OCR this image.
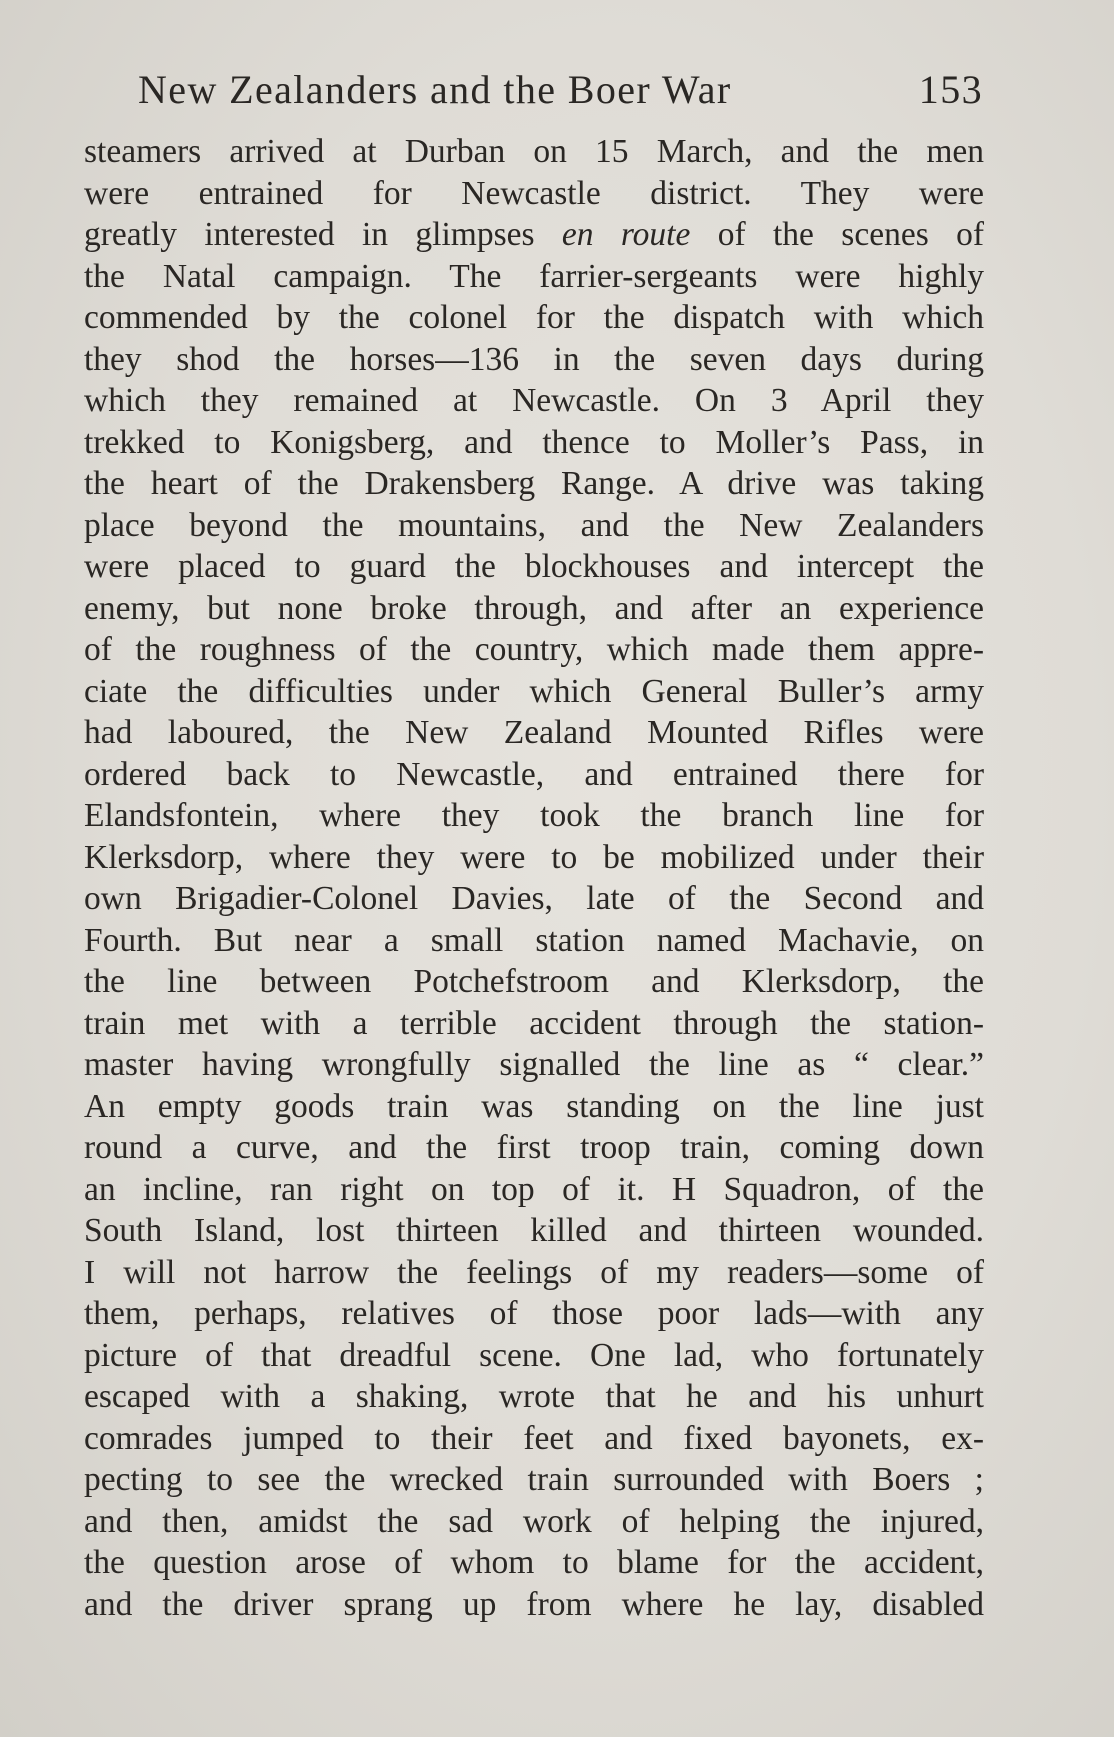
New Zealanders and the Boer War	153
steamers arrived at Durban on 15 March, and the men
were entrained for Newcastle district. They were
greatly interested in glimpses en route of the scenes of
the Natal campaign. The farrier-sergeants were highly
commended by the colonel for the dispatch with which
they shod the horses—136 in the seven days during
which they remained at Newcastle. On 3 April they
trekked to Konigsberg, and thence to Moller’s Pass, in
the heart of the Drakensberg Range. A drive was taking
place beyond the mountains, and the New Zealanders
were placed to guard the blockhouses and intercept the
enemy, but none broke through, and after an experience
of the roughness of the country, which made them appre-
ciate the difficulties under which General Buller’s army
had laboured, the New Zealand Mounted Rifles were
ordered back to Newcastle, and entrained there for
Elandsfontein, where they took the branch line for
Klerksdorp, where they were to be mobilized under their
own Brigadier-Colonel Davies, late of the Second and
Fourth. But near a small station named Machavie, on
the line between Potchefstroom and Klerksdorp, the
train met with a terrible accident through the station-
master having wrongfully signalled the line as “ clear.”
An empty goods train was standing on the line just
round a curve, and the first troop train, coming down
an incline, ran right on top of it. H Squadron, of the
South Island, lost thirteen killed and thirteen wounded.
I will not harrow the feelings of my readers—some of
them, perhaps, relatives of those poor lads—with any
picture of that dreadful scene. One lad, who fortunately
escaped with a shaking, wrote that he and his unhurt
comrades jumped to their feet and fixed bayonets, ex-
pecting to see the wrecked train surrounded with Boers ;
and then, amidst the sad work of helping the injured,
the question arose of whom to blame for the accident,
and the driver sprang up from where he lay, disabled
